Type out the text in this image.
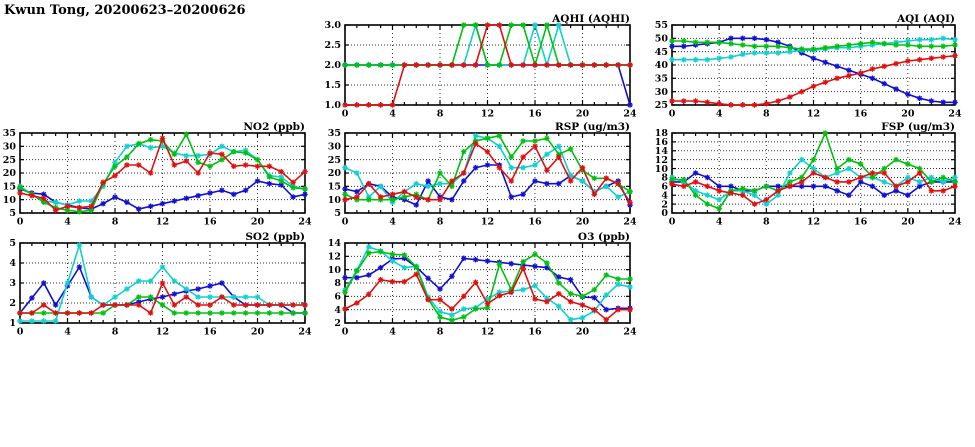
Kwun Tong, 20200623–20200626
1.0
1.5
2.0
2.5
3.0
0	4	8	12	16	20	24
AQHI (AQHI)
25
30
35
40
45
50
55
0	4	8	12	16	20	24
AQI (AQI)
5
10
15
20
25
30
35
0	4	8	12	16	20	24
NO2 (ppb)
5
10
15
20
25
30
35
0	4	8	12	16	20	24
RSP (ug/m3)
0
2
4
6
8
10
12
14
16
18
0	4	8	12	16	20	24
FSP (ug/m3)
1
2
3
4
5
0	4	8	12	16	20	24
SO2 (ppb)
2
4
6
8
10
12
14
0	4	8	12	16	20	24
O3 (ppb)
